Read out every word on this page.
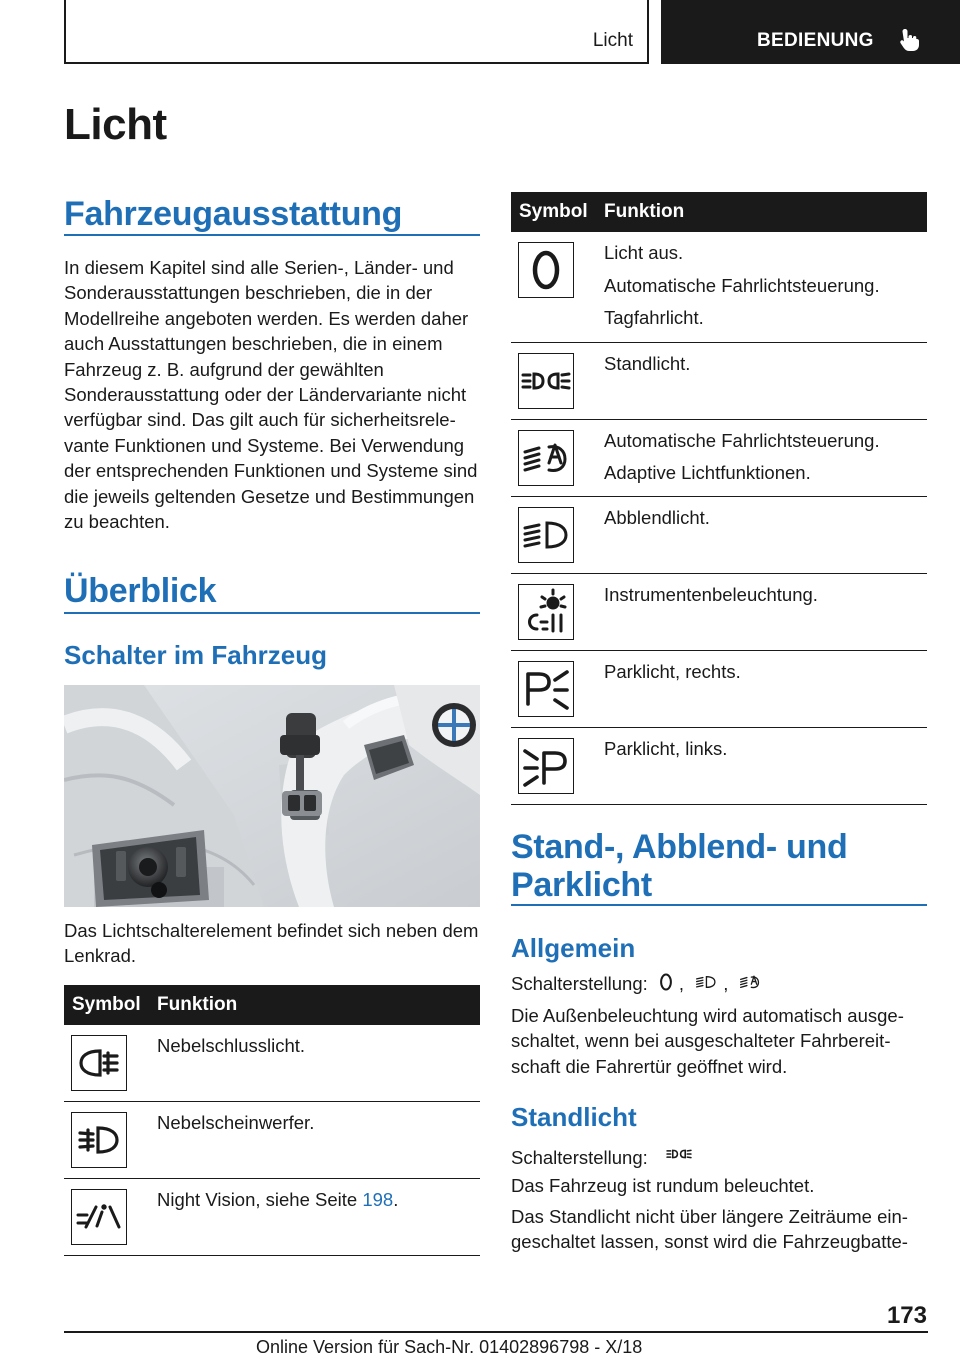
Licht	BEDIENUNG
Licht
Fahrzeugausstattung

In diesem Kapitel sind alle Serien-, Länder- und Sonderausstattungen beschrieben, die in der Modellreihe angeboten werden. Es werden daher auch Ausstattungen beschrieben, die in einem Fahrzeug z. B. aufgrund der gewählten Sonderausstattung oder der Ländervariante nicht verfügbar sind. Das gilt auch für sicherheitsrelevante Funktionen und Systeme. Bei Verwendung der entsprechenden Funktionen und Systeme sind die jeweils geltenden Gesetze und Bestimmungen zu beachten.

Überblick
Schalter im Fahrzeug

Das Lichtschalterelement befindet sich neben dem Lenkrad.

Symbol	Funktion

Nebelschlusslicht.

Nebelscheinwerfer.

Night Vision, siehe Seite 198.
Symbol	Funktion

Licht aus.
Automatische Fahrlichtsteuerung.
Tagfahrlicht.

Standlicht.

Automatische Fahrlichtsteuerung.
Adaptive Lichtfunktionen.

Abblendlicht.

Instrumentenbeleuchtung.

Parklicht, rechts.

Parklicht, links.
Stand-, Abblend- und
Parklicht
Allgemein

Schalterstellung: , ,

Die Außenbeleuchtung wird automatisch ausgeschaltet, wenn bei ausgeschalteter Fahrbereitschaft die Fahrertür geöffnet wird.

Standlicht

Schalterstellung:

Das Fahrzeug ist rundum beleuchtet.

Das Standlicht nicht über längere Zeiträume eingeschaltet lassen, sonst wird die Fahrzeugbatte-

173
Online Version für Sach-Nr. 01402896798 - X/18
